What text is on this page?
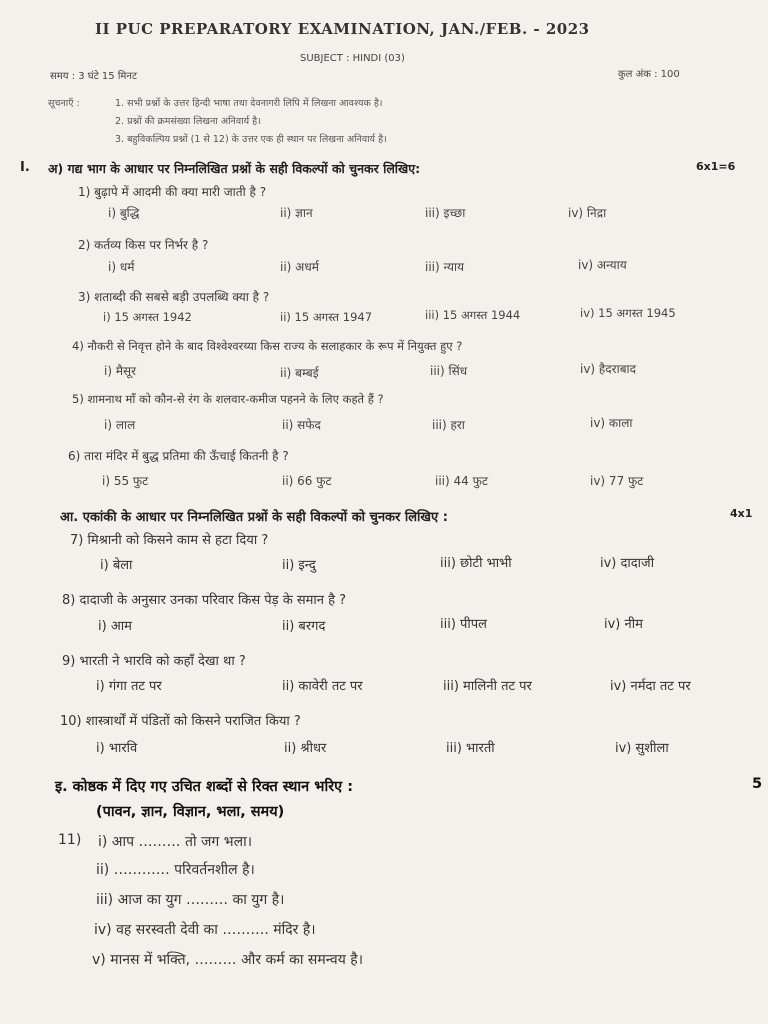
II PUC PREPARATORY EXAMINATION, JAN./FEB. - 2023
SUBJECT : HINDI (03)
समय : 3 घंटे 15 मिनट	कुल अंक : 100
सूचनाएँ :	1. सभी प्रश्नों के उत्तर हिन्दी भाषा तथा देवनागरी लिपि में लिखना आवश्यक है।
2. प्रश्नों की क्रमसंख्या लिखना अनिवार्य है।
3. बहुविकल्पिय प्रश्नों (1 से 12) के उत्तर एक ही स्थान पर लिखना अनिवार्य है।
I. अ) गद्य भाग के आधार पर निम्नलिखित प्रश्नों के सही विकल्पों को चुनकर लिखिए:	6x1=6
1) बुढ़ापे में आदमी की क्या मारी जाती है ?
i) बुद्धि	ii) ज्ञान	iii) इच्छा	iv) निद्रा
2) कर्तव्य किस पर निर्भर है ?
i) धर्म	ii) अधर्म	iii) न्याय	iv) अन्याय
3) शताब्दी की सबसे बड़ी उपलब्धि क्या है ?
i) 15 अगस्त 1942	ii) 15 अगस्त 1947	iii) 15 अगस्त 1944	iv) 15 अगस्त 1945
4) नौकरी से निवृत्त होने के बाद विश्वेश्वरय्या किस राज्य के सलाहकार के रूप में नियुक्त हुए ?
i) मैसूर	ii) बम्बई	iii) सिंध	iv) हैदराबाद
5) शामनाथ माँ को कौन-से रंग के शलवार-कमीज पहनने के लिए कहते हैं ?
i) लाल	ii) सफेद	iii) हरा	iv) काला
6) तारा मंदिर में बुद्ध प्रतिमा की ऊँचाई कितनी है ?
i) 55 फुट	ii) 66 फुट	iii) 44 फुट	iv) 77 फुट
आ. एकांकी के आधार पर निम्नलिखित प्रश्नों के सही विकल्पों को चुनकर लिखिए :	4x1
7) मिश्रानी को किसने काम से हटा दिया ?
i) बेला	ii) इन्दु	iii) छोटी भाभी	iv) दादाजी
8) दादाजी के अनुसार उनका परिवार किस पेड़ के समान है ?
i) आम	ii) बरगद	iii) पीपल	iv) नीम
9) भारती ने भारवि को कहाँ देखा था ?
i) गंगा तट पर	ii) कावेरी तट पर	iii) मालिनी तट पर	iv) नर्मदा तट पर
10) शास्त्रार्थों में पंडितों को किसने पराजित किया ?
i) भारवि	ii) श्रीधर	iii) भारती	iv) सुशीला
इ. कोष्ठक में दिए गए उचित शब्दों से रिक्त स्थान भरिए :	5
(पावन, ज्ञान, विज्ञान, भला, समय)
11) i) आप ……… तो जग भला।
ii) ………… परिवर्तनशील है।
iii) आज का युग ……… का युग है।
iv) वह सरस्वती देवी का ………. मंदिर है।
v) मानस में भक्ति, ……… और कर्म का समन्वय है।
